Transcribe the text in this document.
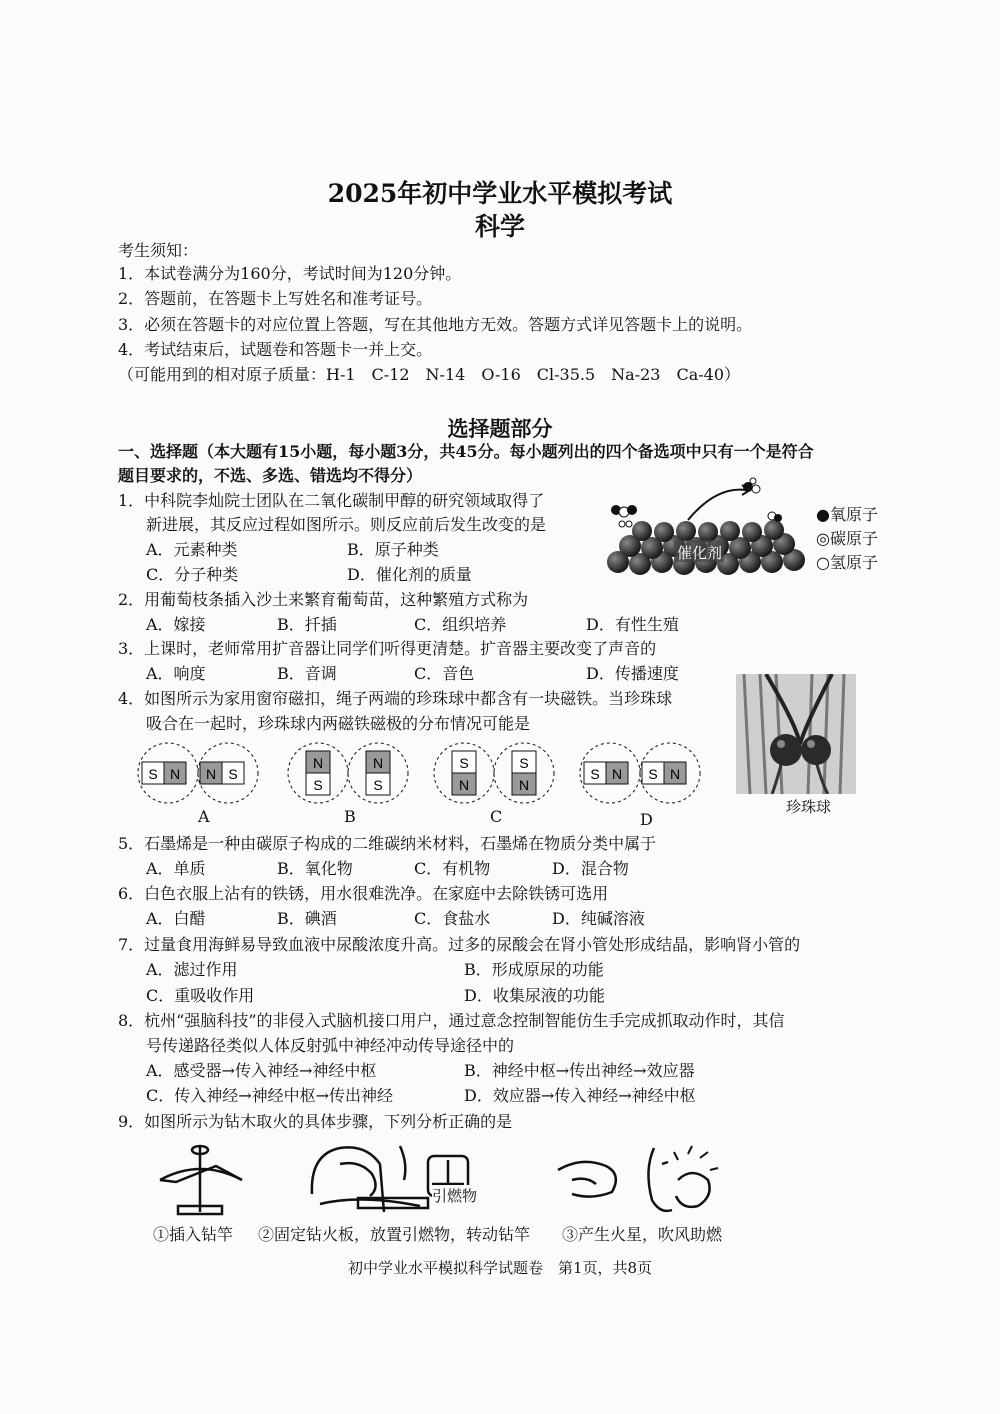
2025年初中学业水平模拟考试
科学
考生须知：
1．本试卷满分为160分，考试时间为120分钟。
2．答题前，在答题卡上写姓名和准考证号。
3．必须在答题卡的对应位置上答题，写在其他地方无效。答题方式详见答题卡上的说明。
4．考试结束后，试题卷和答题卡一并上交。
（可能用到的相对原子质量：H-1　C-12　N-14　O-16　Cl-35.5　Na-23　Ca-40）
选择题部分
一、选择题（本大题有15小题，每小题3分，共45分。每小题列出的四个备选项中只有一个是符合
题目要求的，不选、多选、错选均不得分）
1．中科院李灿院士团队在二氧化碳制甲醇的研究领域取得了
新进展，其反应过程如图所示。则反应前后发生改变的是
A．元素种类	B．原子种类
C．分子种类	D．催化剂的质量
催化剂
●氧原子
◎碳原子
○氢原子
2．用葡萄枝条插入沙土来繁育葡萄苗，这种繁殖方式称为
A．嫁接	B．扦插	C．组织培养	D．有性生殖
3．上课时，老师常用扩音器让同学们听得更清楚。扩音器主要改变了声音的
A．响度	B．音调	C．音色	D．传播速度
4．如图所示为家用窗帘磁扣，绳子两端的珍珠球中都含有一块磁铁。当珍珠球
吸合在一起时，珍珠球内两磁铁磁极的分布情况可能是
S N N S
A
N
S
N
S
B
S
N
S
N
C
S N S N
D
珍珠球
5．石墨烯是一种由碳原子构成的二维碳纳米材料，石墨烯在物质分类中属于
A．单质	B．氧化物	C．有机物	D．混合物
6．白色衣服上沾有的铁锈，用水很难洗净。在家庭中去除铁锈可选用
A．白醋	B．碘酒	C．食盐水	D．纯碱溶液
7．过量食用海鲜易导致血液中尿酸浓度升高。过多的尿酸会在肾小管处形成结晶，影响肾小管的
A．滤过作用	B．形成原尿的功能
C．重吸收作用	D．收集尿液的功能
8．杭州“强脑科技”的非侵入式脑机接口用户，通过意念控制智能仿生手完成抓取动作时，其信
号传递路径类似人体反射弧中神经冲动传导途径中的
A．感受器→传入神经→神经中枢	B．神经中枢→传出神经→效应器
C．传入神经→神经中枢→传出神经	D．效应器→传入神经→神经中枢
9．如图所示为钻木取火的具体步骤，下列分析正确的是
引燃物
①插入钻竿 ②固定钻火板，放置引燃物，转动钻竿 ③产生火星，吹风助燃
初中学业水平模拟科学试题卷　第1页，共8页
